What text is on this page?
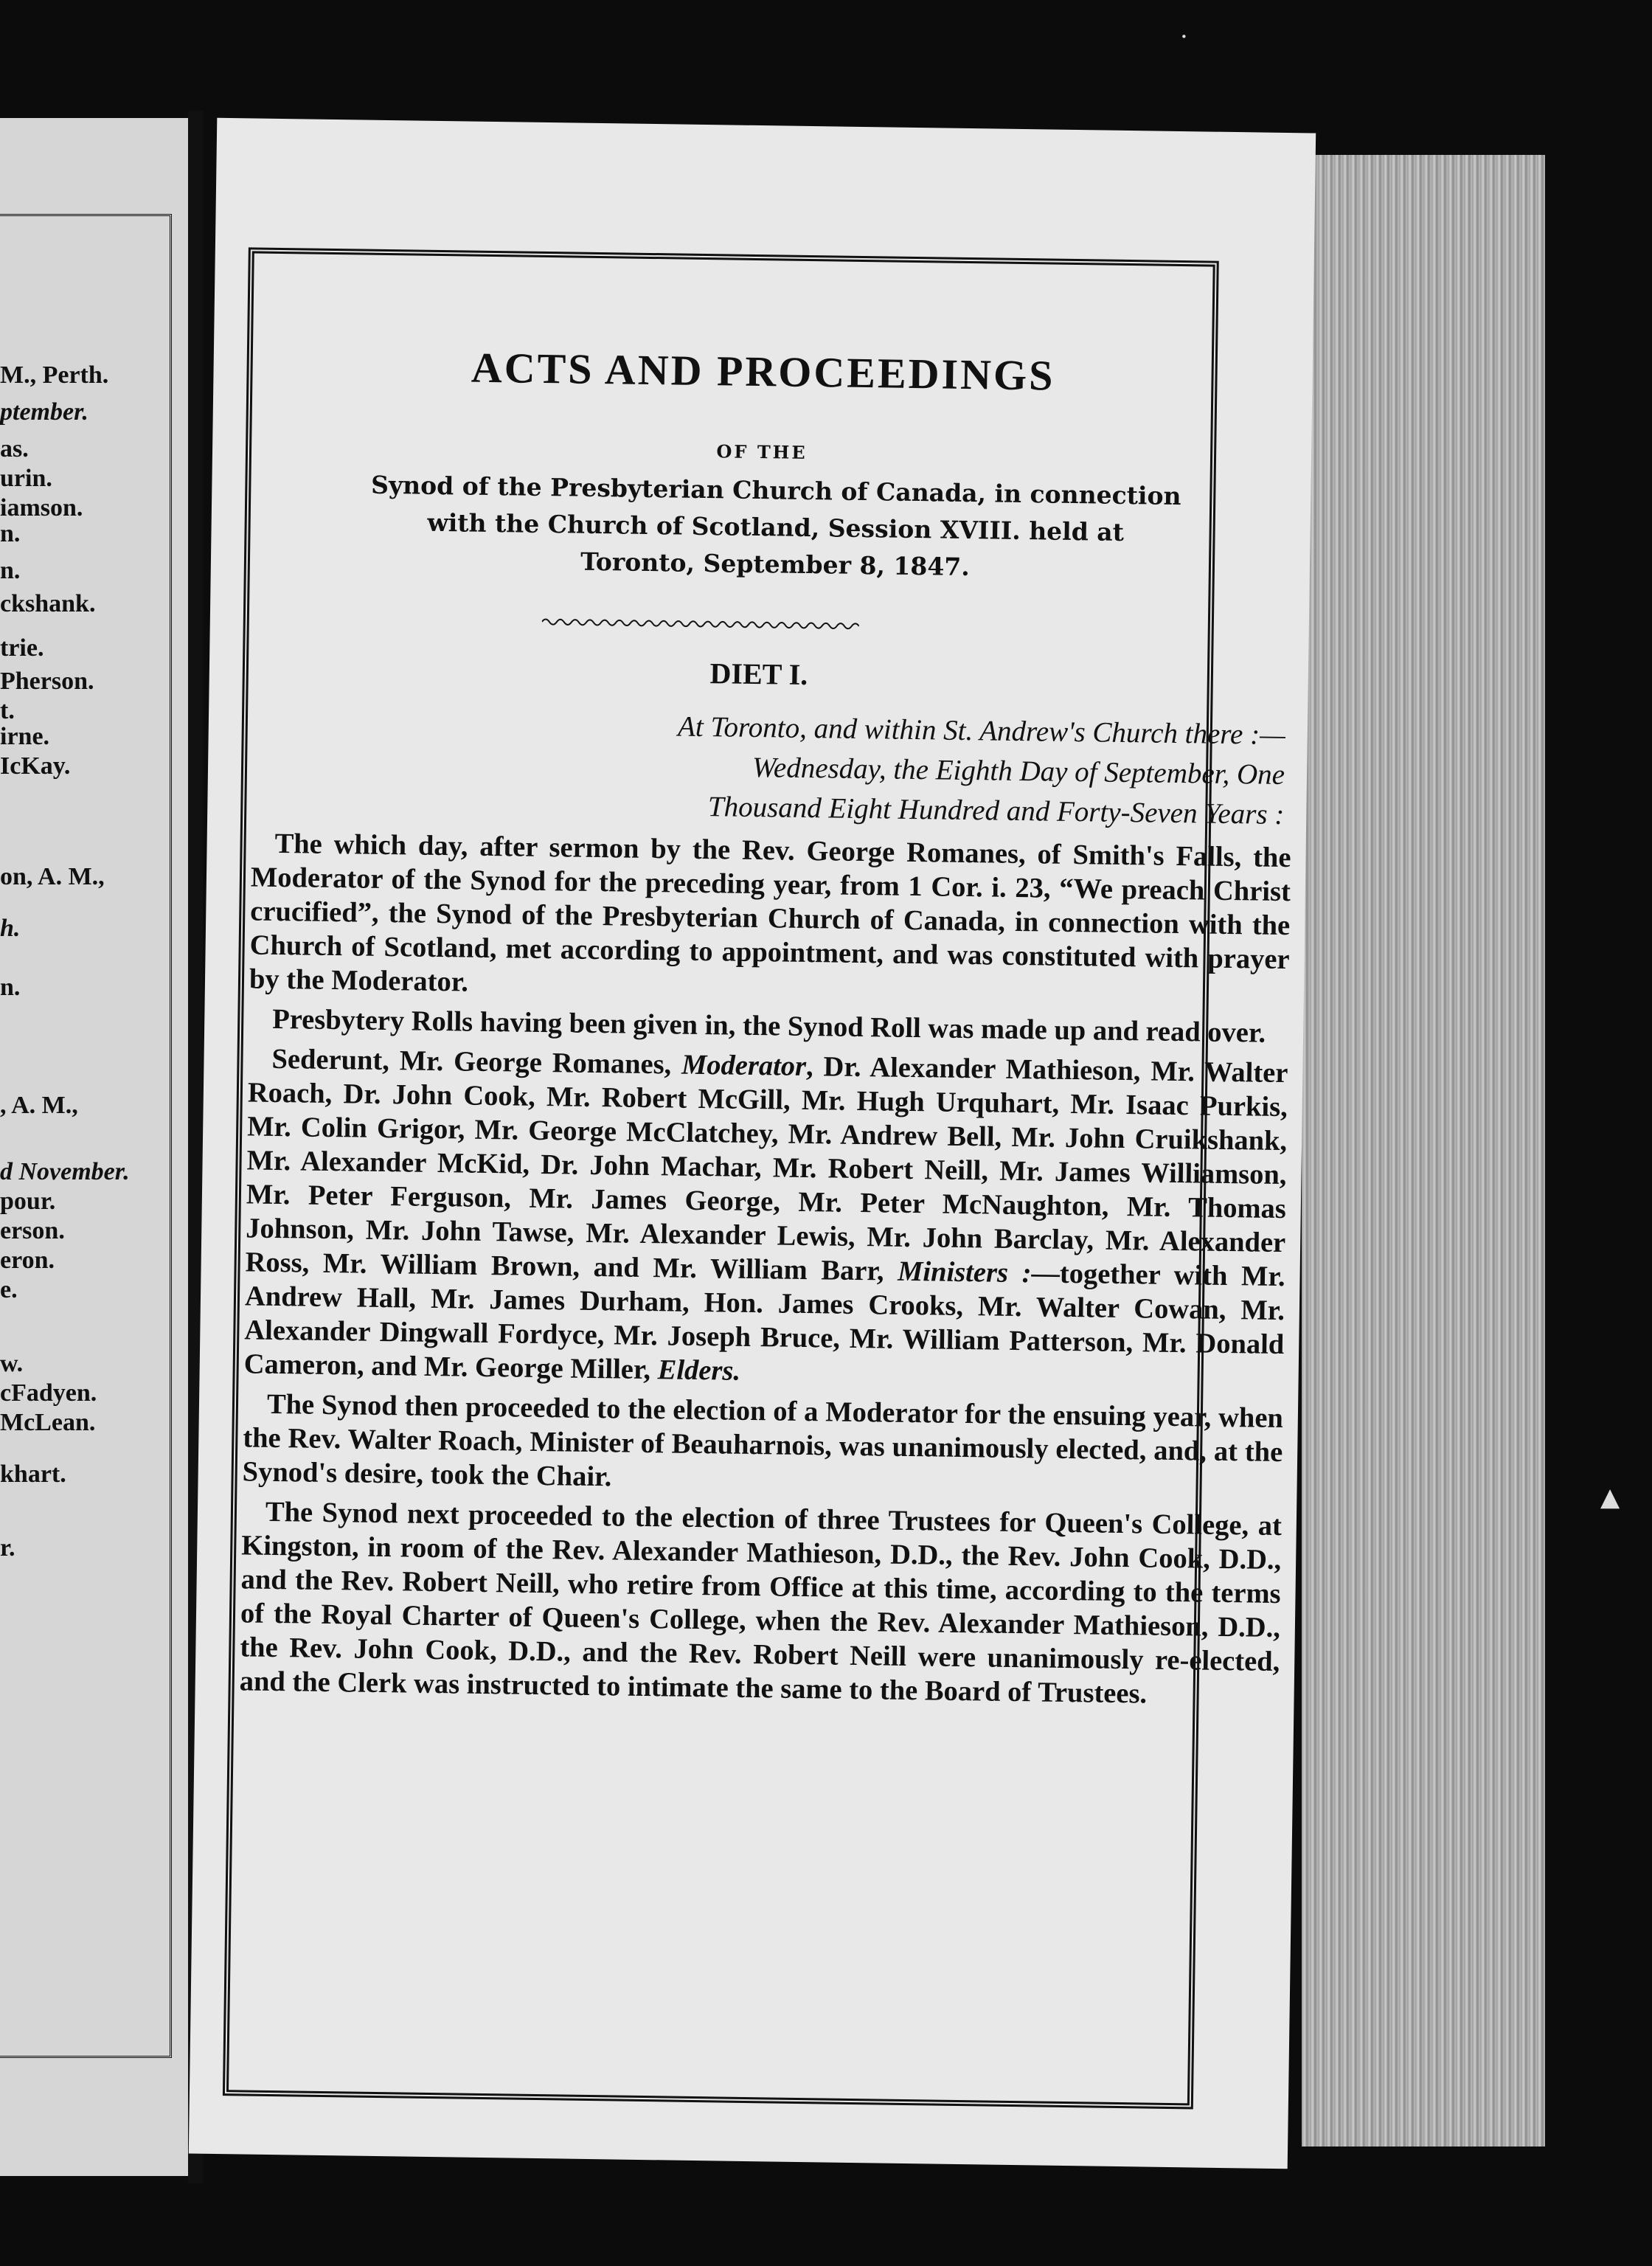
M., Perth.

ptember.

as.

urin.

iamson.

n.

n.

ckshank.

trie.

Pherson.

t.

irne.

IcKay.

on, A. M.,

h.

n.

, A. M.,

d November.

pour.

erson.

eron.

e.

w.

cFadyen.

McLean.

khart.

r.

ACTS AND PROCEEDINGS

OF THE

Synod of the Presbyterian Church of Canada, in connection
with the Church of Scotland, Session XVIII. held at
Toronto, September 8, 1847.
DIET I.
At Toronto, and within St. Andrew's Church there :—
Wednesday, the Eighth Day of September, One
Thousand Eight Hundred and Forty-Seven Years :

The which day, after sermon by the Rev. George Romanes, of Smith's Falls, the Moderator of the Synod for the preceding year, from 1 Cor. i. 23, “We preach Christ crucified”, the Synod of the Presbyterian Church of Canada, in connection with the Church of Scotland, met according to appointment, and was constituted with prayer by the Moderator.

Presbytery Rolls having been given in, the Synod Roll was made up and read over.

Sederunt, Mr. George Romanes, Moderator, Dr. Alexander Mathieson, Mr. Walter Roach, Dr. John Cook, Mr. Robert McGill, Mr. Hugh Urquhart, Mr. Isaac Purkis, Mr. Colin Grigor, Mr. George McClatchey, Mr. Andrew Bell, Mr. John Cruikshank, Mr. Alexander McKid, Dr. John Machar, Mr. Robert Neill, Mr. James Williamson, Mr. Peter Ferguson, Mr. James George, Mr. Peter McNaughton, Mr. Thomas Johnson, Mr. John Tawse, Mr. Alexander Lewis, Mr. John Barclay, Mr. Alexander Ross, Mr. William Brown, and Mr. William Barr, Ministers :—together with Mr. Andrew Hall, Mr. James Durham, Hon. James Crooks, Mr. Walter Cowan, Mr. Alexander Dingwall Fordyce, Mr. Joseph Bruce, Mr. William Patterson, Mr. Donald Cameron, and Mr. George Miller, Elders.

The Synod then proceeded to the election of a Moderator for the ensuing year, when the Rev. Walter Roach, Minister of Beauharnois, was unanimously elected, and, at the Synod's desire, took the Chair.

The Synod next proceeded to the election of three Trustees for Queen's College, at Kingston, in room of the Rev. Alexander Mathieson, D.D., the Rev. John Cook, D.D., and the Rev. Robert Neill, who retire from Office at this time, according to the terms of the Royal Charter of Queen's College, when the Rev. Alexander Mathieson, D.D., the Rev. John Cook, D.D., and the Rev. Robert Neill were unanimously re-elected, and the Clerk was instructed to intimate the same to the Board of Trustees.

·
▲
